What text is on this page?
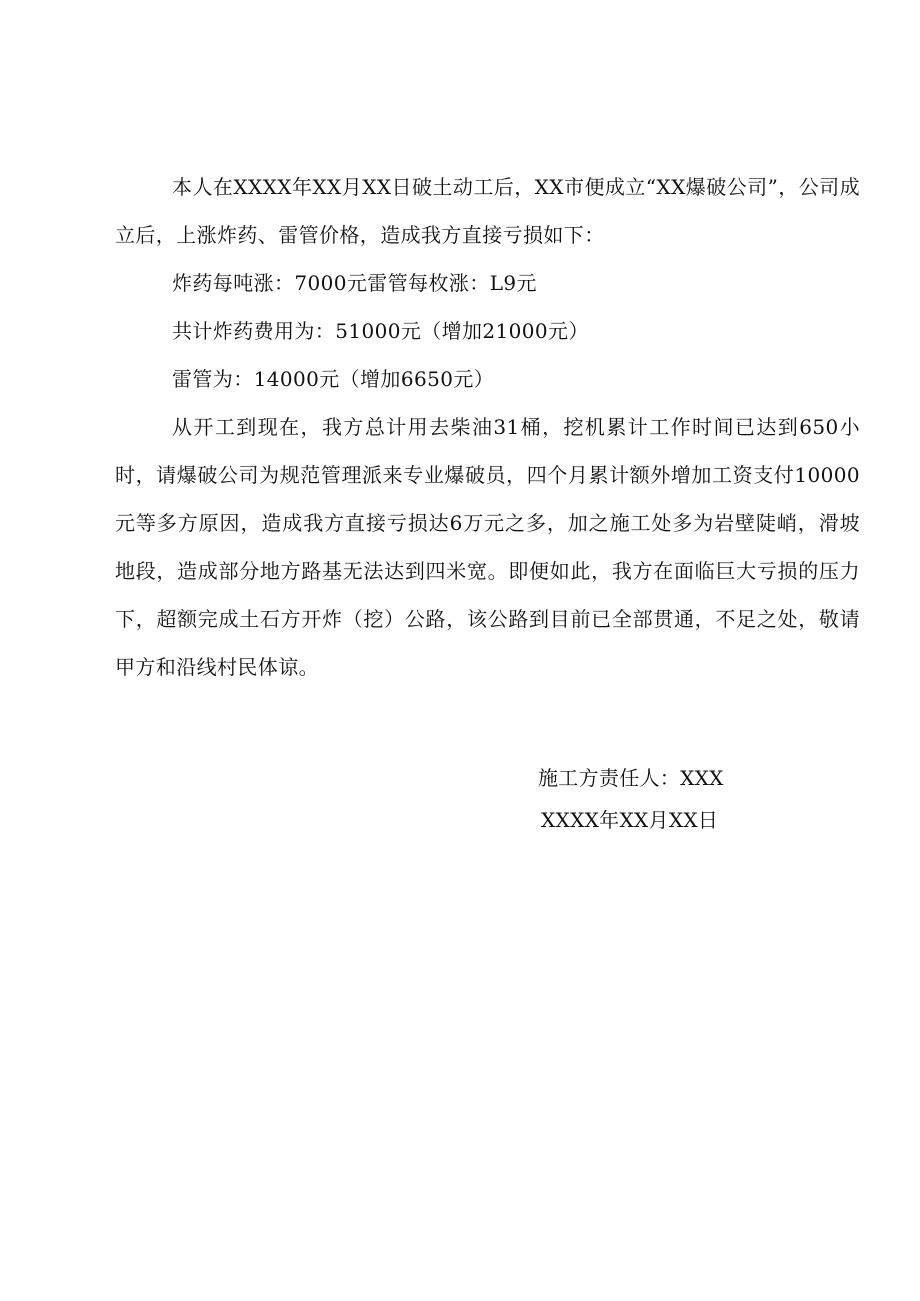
本人在XXXX年XX月XX日破土动工后，XX市便成立“XX爆破公司”，公司成立后，上涨炸药、雷管价格，造成我方直接亏损如下：

炸药每吨涨：7000元雷管每枚涨：L9元

共计炸药费用为：51000元（增加21000元）

雷管为：14000元（增加6650元）

从开工到现在，我方总计用去柴油31桶，挖机累计工作时间已达到650小时，请爆破公司为规范管理派来专业爆破员，四个月累计额外增加工资支付10000元等多方原因，造成我方直接亏损达6万元之多，加之施工处多为岩壁陡峭，滑坡地段，造成部分地方路基无法达到四米宽。即便如此，我方在面临巨大亏损的压力下，超额完成土石方开炸（挖）公路，该公路到目前已全部贯通，不足之处，敬请甲方和沿线村民体谅。

施工方责任人：XXX

XXXX年XX月XX日
